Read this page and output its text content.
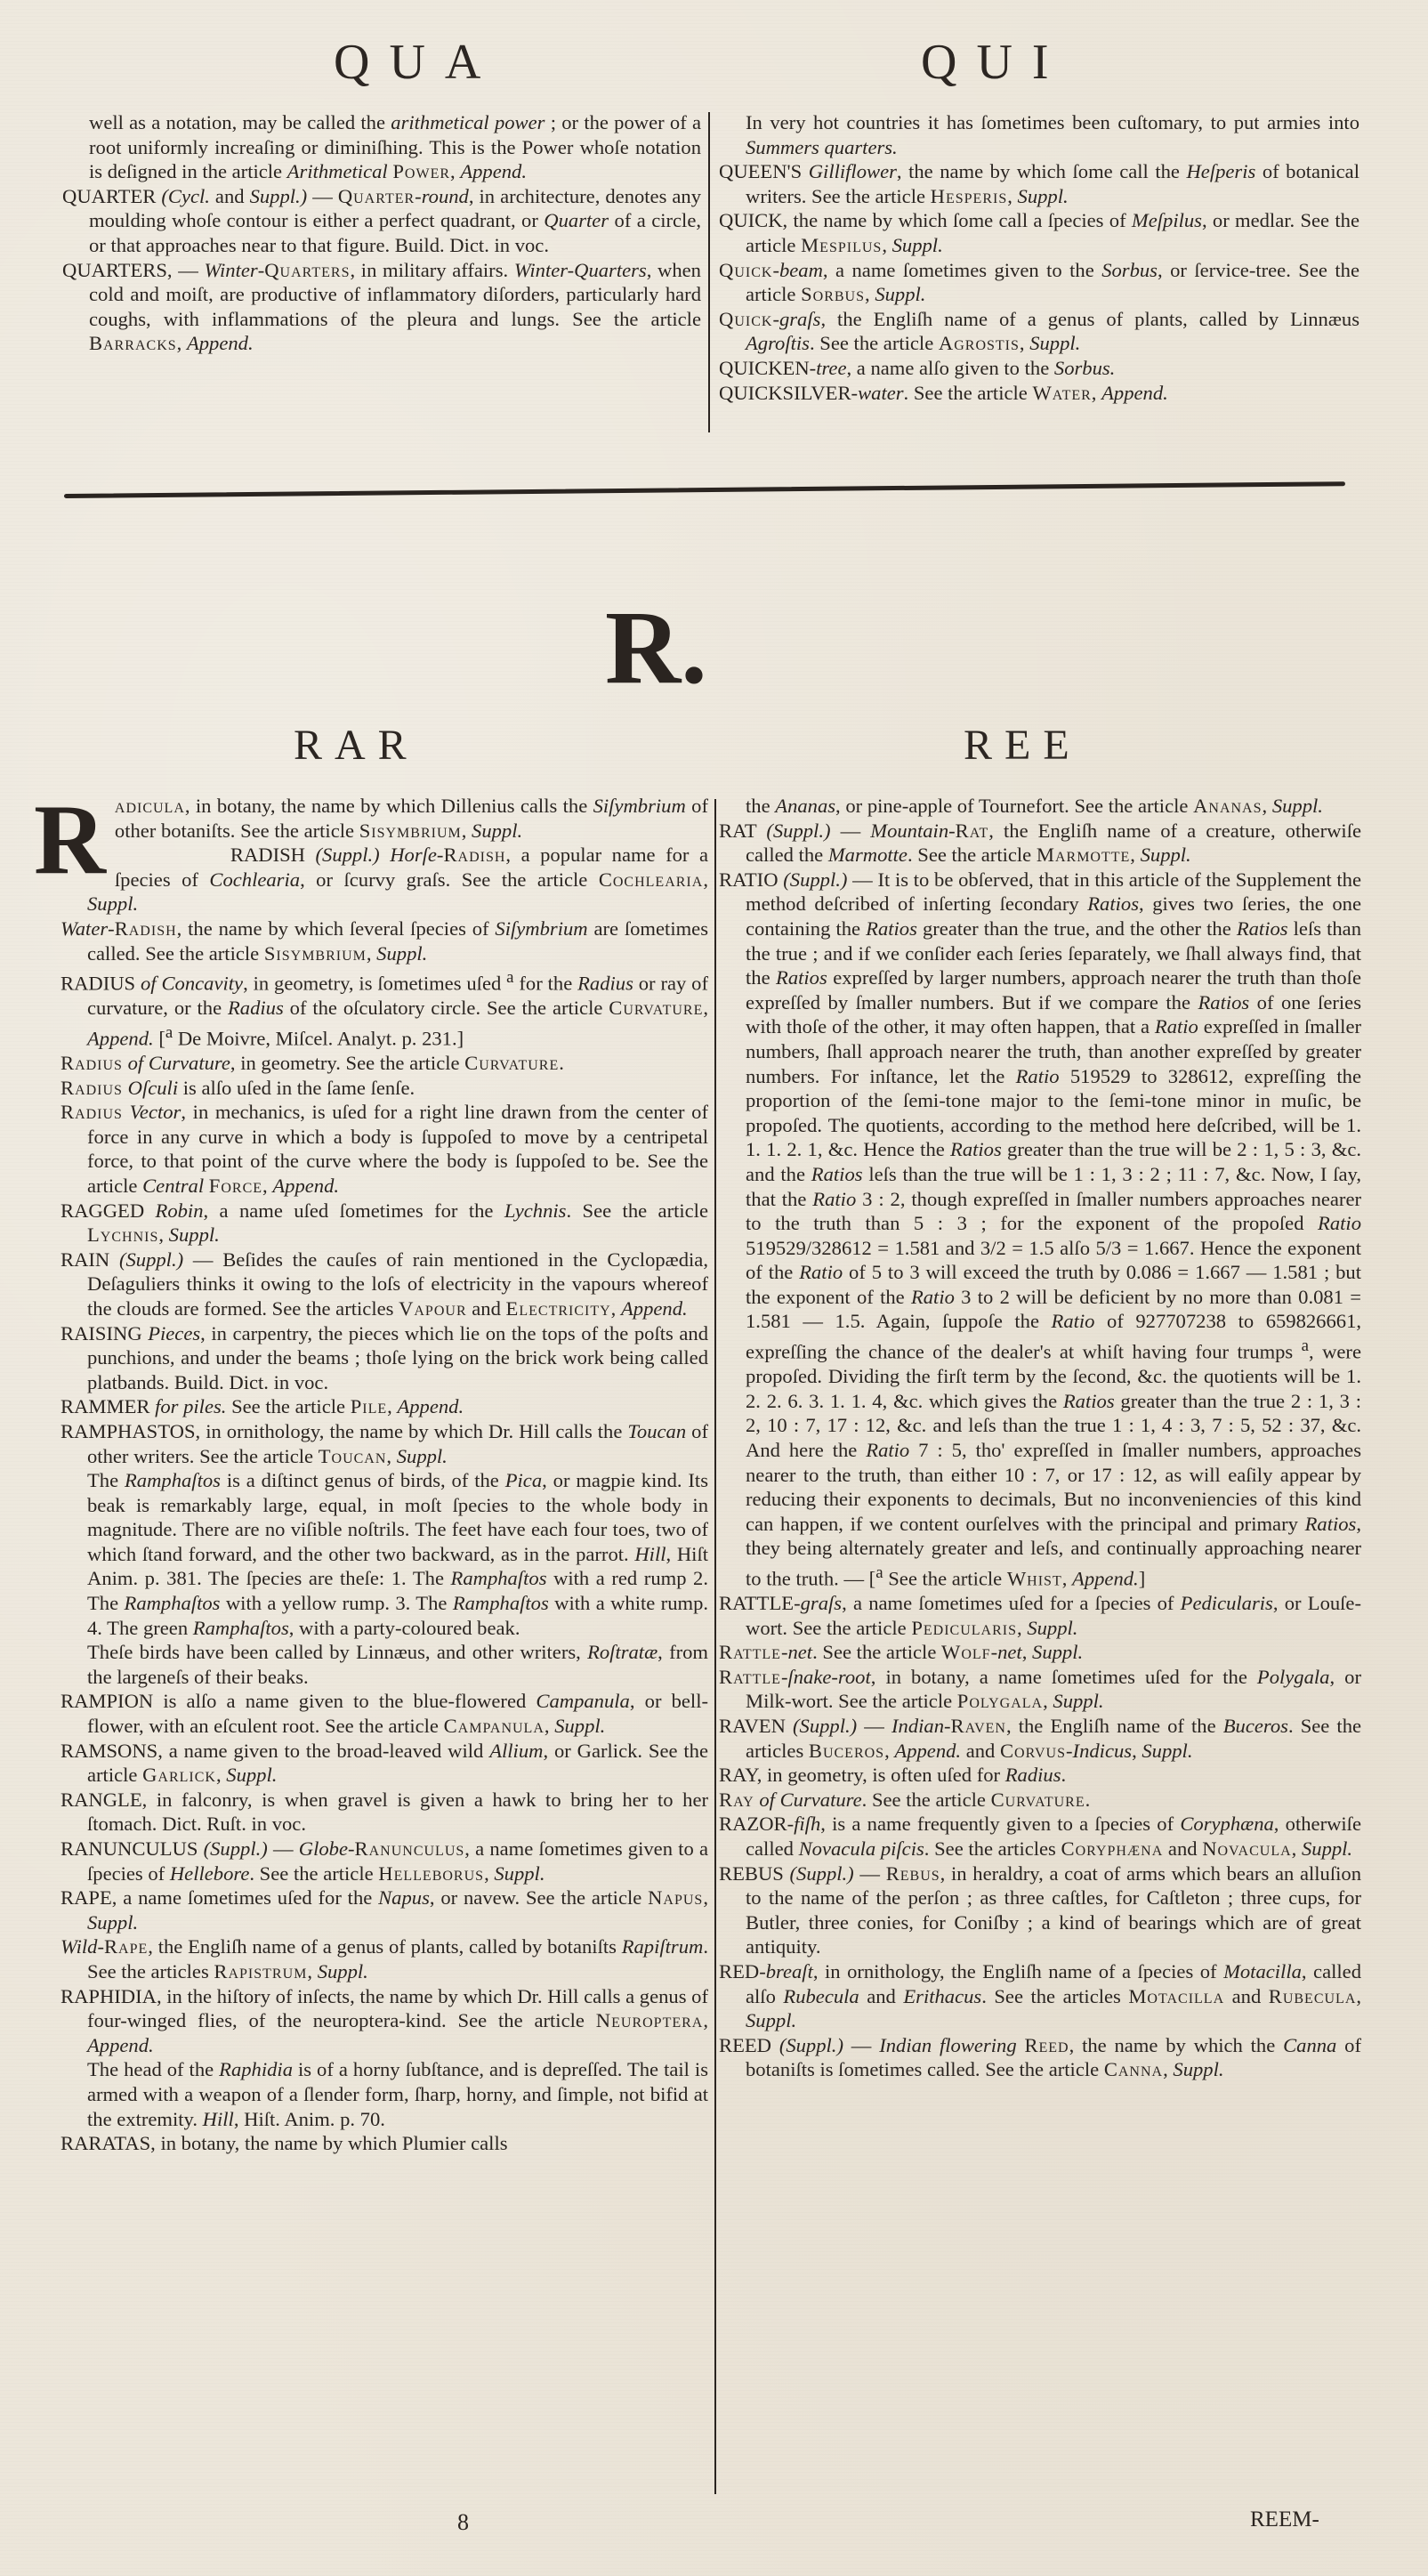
QUA	QUI

well as a notation, may be called the arithmetical power ; or the power of a root uniformly increaſing or diminiſhing. This is the Power whoſe notation is deſigned in the article Arithmetical Power, Append.

QUARTER (Cycl. and Suppl.) — Quarter-round, in architecture, denotes any moulding whoſe contour is either a perfect quadrant, or Quarter of a circle, or that approaches near to that figure. Build. Dict. in voc.

QUARTERS, — Winter-Quarters, in military affairs. Winter-Quarters, when cold and moiſt, are productive of inflammatory diſorders, particularly hard coughs, with inflammations of the pleura and lungs. See the article Barracks, Append.

In very hot countries it has ſometimes been cuſtomary, to put armies into Summers quarters.

QUEEN'S Gilliflower, the name by which ſome call the Heſperis of botanical writers. See the article Hesperis, Suppl.

QUICK, the name by which ſome call a ſpecies of Meſpilus, or medlar. See the article Mespilus, Suppl.

Quick-beam, a name ſometimes given to the Sorbus, or ſervice-tree. See the article Sorbus, Suppl.

Quick-graſs, the Engliſh name of a genus of plants, called by Linnæus Agroſtis. See the article Agrostis, Suppl.

QUICKEN-tree, a name alſo given to the Sorbus.

QUICKSILVER-water. See the article Water, Append.

R.
RAR	REE

Radicula, in botany, the name by which Dillenius calls the Siſymbrium of other botaniſts. See the article Sisymbrium, Suppl.

RADISH (Suppl.) Horſe-Radish, a popular name for a ſpecies of Cochlearia, or ſcurvy graſs. See the article Cochlearia, Suppl.

Water-Radish, the name by which ſeveral ſpecies of Siſymbrium are ſometimes called. See the article Sisymbrium, Suppl.

RADIUS of Concavity, in geometry, is ſometimes uſed $^a$ for the Radius or ray of curvature, or the Radius of the oſculatory circle. See the article Curvature, Append. [$^a$ De Moivre, Miſcel. Analyt. p. 231.]

Radius of Curvature, in geometry. See the article Curvature.

Radius Oſculi is alſo uſed in the ſame ſenſe.

Radius Vector, in mechanics, is uſed for a right line drawn from the center of force in any curve in which a body is ſuppoſed to move by a centripetal force, to that point of the curve where the body is ſuppoſed to be. See the article Central Force, Append.

RAGGED Robin, a name uſed ſometimes for the Lychnis. See the article Lychnis, Suppl.

RAIN (Suppl.) — Beſides the cauſes of rain mentioned in the Cyclopædia, Deſaguliers thinks it owing to the loſs of electricity in the vapours whereof the clouds are formed. See the articles Vapour and Electricity, Append.

RAISING Pieces, in carpentry, the pieces which lie on the tops of the poſts and punchions, and under the beams ; thoſe lying on the brick work being called platbands. Build. Dict. in voc.

RAMMER for piles. See the article Pile, Append.

RAMPHASTOS, in ornithology, the name by which Dr. Hill calls the Toucan of other writers. See the article Toucan, Suppl.

The Ramphaſtos is a diſtinct genus of birds, of the Pica, or magpie kind. Its beak is remarkably large, equal, in moſt ſpecies to the whole body in magnitude. There are no viſible noſtrils. The feet have each four toes, two of which ſtand forward, and the other two backward, as in the parrot. Hill, Hiſt Anim. p. 381. The ſpecies are theſe: 1. The Ramphaſtos with a red rump 2. The Ramphaſtos with a yellow rump. 3. The Ramphaſtos with a white rump. 4. The green Ramphaſtos, with a party-coloured beak.

Theſe birds have been called by Linnæus, and other writers, Roſtratæ, from the largeneſs of their beaks.

RAMPION is alſo a name given to the blue-flowered Campanula, or bell-flower, with an eſculent root. See the article Campanula, Suppl.

RAMSONS, a name given to the broad-leaved wild Allium, or Garlick. See the article Garlick, Suppl.

RANGLE, in falconry, is when gravel is given a hawk to bring her to her ſtomach. Dict. Ruſt. in voc.

RANUNCULUS (Suppl.) — Globe-Ranunculus, a name ſometimes given to a ſpecies of Hellebore. See the article Helleborus, Suppl.

RAPE, a name ſometimes uſed for the Napus, or navew. See the article Napus, Suppl.

Wild-Rape, the Engliſh name of a genus of plants, called by botaniſts Rapiſtrum. See the articles Rapistrum, Suppl.

RAPHIDIA, in the hiſtory of inſects, the name by which Dr. Hill calls a genus of four-winged flies, of the neuroptera-kind. See the article Neuroptera, Append.

The head of the Raphidia is of a horny ſubſtance, and is depreſſed. The tail is armed with a weapon of a ſlender form, ſharp, horny, and ſimple, not bifid at the extremity. Hill, Hiſt. Anim. p. 70.

RARATAS, in botany, the name by which Plumier calls

the Ananas, or pine-apple of Tournefort. See the article Ananas, Suppl.

RAT (Suppl.) — Mountain-Rat, the Engliſh name of a creature, otherwiſe called the Marmotte. See the article Marmotte, Suppl.

RATIO (Suppl.) — It is to be obſerved, that in this article of the Supplement the method deſcribed of inſerting ſecondary Ratios, gives two ſeries, the one containing the Ratios greater than the true, and the other the Ratios leſs than the true ; and if we conſider each ſeries ſeparately, we ſhall always find, that the Ratios expreſſed by larger numbers, approach nearer the truth than thoſe expreſſed by ſmaller numbers. But if we compare the Ratios of one ſeries with thoſe of the other, it may often happen, that a Ratio expreſſed in ſmaller numbers, ſhall approach nearer the truth, than another expreſſed by greater numbers. For inſtance, let the Ratio 519529 to 328612, expreſſing the proportion of the ſemi-tone major to the ſemi-tone minor in muſic, be propoſed. The quotients, according to the method here deſcribed, will be 1. 1. 1. 2. 1, &c. Hence the Ratios greater than the true will be 2 : 1, 5 : 3, &c. and the Ratios leſs than the true will be 1 : 1, 3 : 2 ; 11 : 7, &c. Now, I ſay, that the Ratio 3 : 2, though expreſſed in ſmaller numbers approaches nearer to the truth than 5 : 3 ; for the exponent of the propoſed Ratio 519529/328612 = 1.581 and 3/2 = 1.5 alſo 5/3 = 1.667. Hence the exponent of the Ratio of 5 to 3 will exceed the truth by 0.086 = 1.667 — 1.581 ; but the exponent of the Ratio 3 to 2 will be deficient by no more than 0.081 = 1.581 — 1.5. Again, ſuppoſe the Ratio of 927707238 to 659826661, expreſſing the chance of the dealer's at whiſt having four trumps $^a$, were propoſed. Dividing the firſt term by the ſecond, &c. the quotients will be 1. 2. 2. 6. 3. 1. 1. 4, &c. which gives the Ratios greater than the true 2 : 1, 3 : 2, 10 : 7, 17 : 12, &c. and leſs than the true 1 : 1, 4 : 3, 7 : 5, 52 : 37, &c. And here the Ratio 7 : 5, tho' expreſſed in ſmaller numbers, approaches nearer to the truth, than either 10 : 7, or 17 : 12, as will eaſily appear by reducing their exponents to decimals, But no inconveniencies of this kind can happen, if we content ourſelves with the principal and primary Ratios, they being alternately greater and leſs, and continually approaching nearer to the truth. — [$^a$ See the article Whist, Append.]

RATTLE-graſs, a name ſometimes uſed for a ſpecies of Pedicularis, or Louſe-wort. See the article Pedicularis, Suppl.

Rattle-net. See the article Wolf-net, Suppl.

Rattle-ſnake-root, in botany, a name ſometimes uſed for the Polygala, or Milk-wort. See the article Polygala, Suppl.

RAVEN (Suppl.) — Indian-Raven, the Engliſh name of the Buceros. See the articles Buceros, Append. and Corvus-Indicus, Suppl.

RAY, in geometry, is often uſed for Radius.

Ray of Curvature. See the article Curvature.

RAZOR-fiſh, is a name frequently given to a ſpecies of Coryphæna, otherwiſe called Novacula piſcis. See the articles Coryphæna and Novacula, Suppl.

REBUS (Suppl.) — Rebus, in heraldry, a coat of arms which bears an alluſion to the name of the perſon ; as three caſtles, for Caſtleton ; three cups, for Butler, three conies, for Coniſby ; a kind of bearings which are of great antiquity.

RED-breaſt, in ornithology, the Engliſh name of a ſpecies of Motacilla, called alſo Rubecula and Erithacus. See the articles Motacilla and Rubecula, Suppl.

REED (Suppl.) — Indian flowering Reed, the name by which the Canna of botaniſts is ſometimes called. See the article Canna, Suppl.

8	REEM-
